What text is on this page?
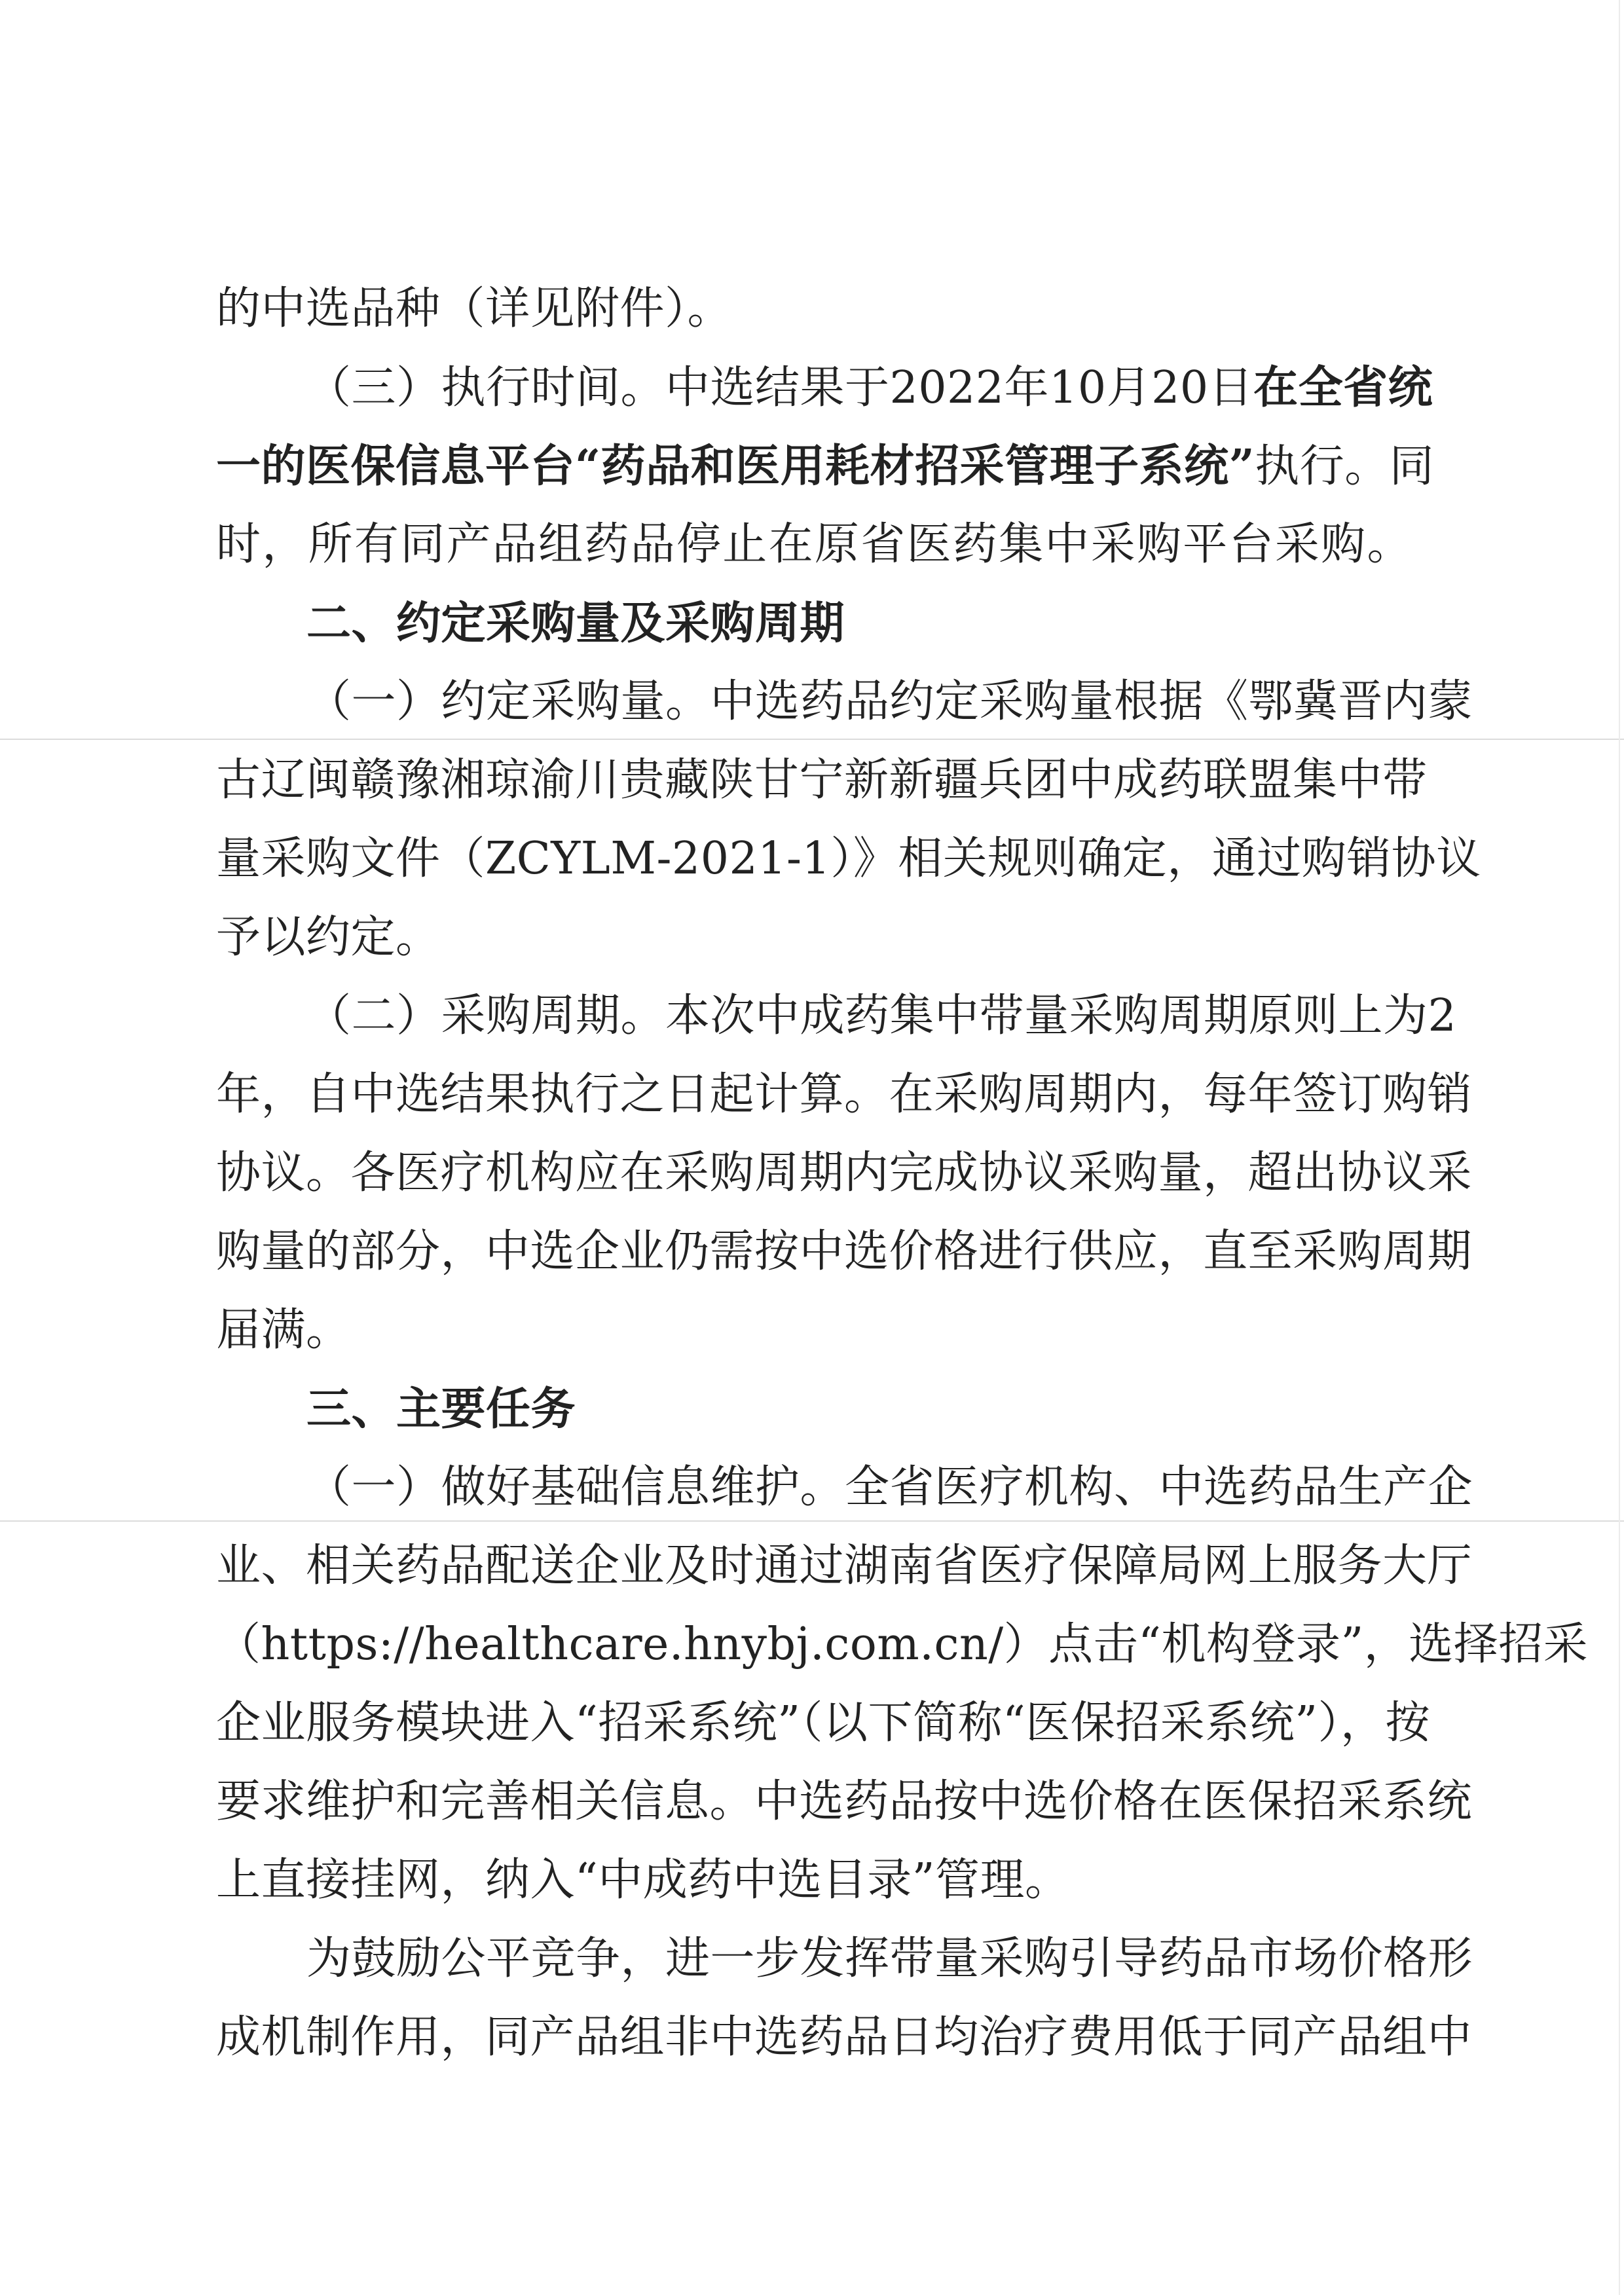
的中选品种（详见附件）。
（三）执行时间。中选结果于2022年10月20日在全省统
一的医保信息平台“药品和医用耗材招采管理子系统”执行。同
时，所有同产品组药品停止在原省医药集中采购平台采购。
二、约定采购量及采购周期
（一）约定采购量。中选药品约定采购量根据《鄂冀晋内蒙
古辽闽赣豫湘琼渝川贵藏陕甘宁新新疆兵团中成药联盟集中带
量采购文件（ZCYLM-2021-1）》相关规则确定，通过购销协议
予以约定。
（二）采购周期。本次中成药集中带量采购周期原则上为2
年，自中选结果执行之日起计算。在采购周期内，每年签订购销
协议。各医疗机构应在采购周期内完成协议采购量，超出协议采
购量的部分，中选企业仍需按中选价格进行供应，直至采购周期
届满。
三、主要任务
（一）做好基础信息维护。全省医疗机构、中选药品生产企
业、相关药品配送企业及时通过湖南省医疗保障局网上服务大厅
（https://healthcare.hnybj.com.cn/）点击“机构登录”，选择招采
企业服务模块进入“招采系统”（以下简称“医保招采系统”），按
要求维护和完善相关信息。中选药品按中选价格在医保招采系统
上直接挂网，纳入“中成药中选目录”管理。
为鼓励公平竞争，进一步发挥带量采购引导药品市场价格形
成机制作用，同产品组非中选药品日均治疗费用低于同产品组中
